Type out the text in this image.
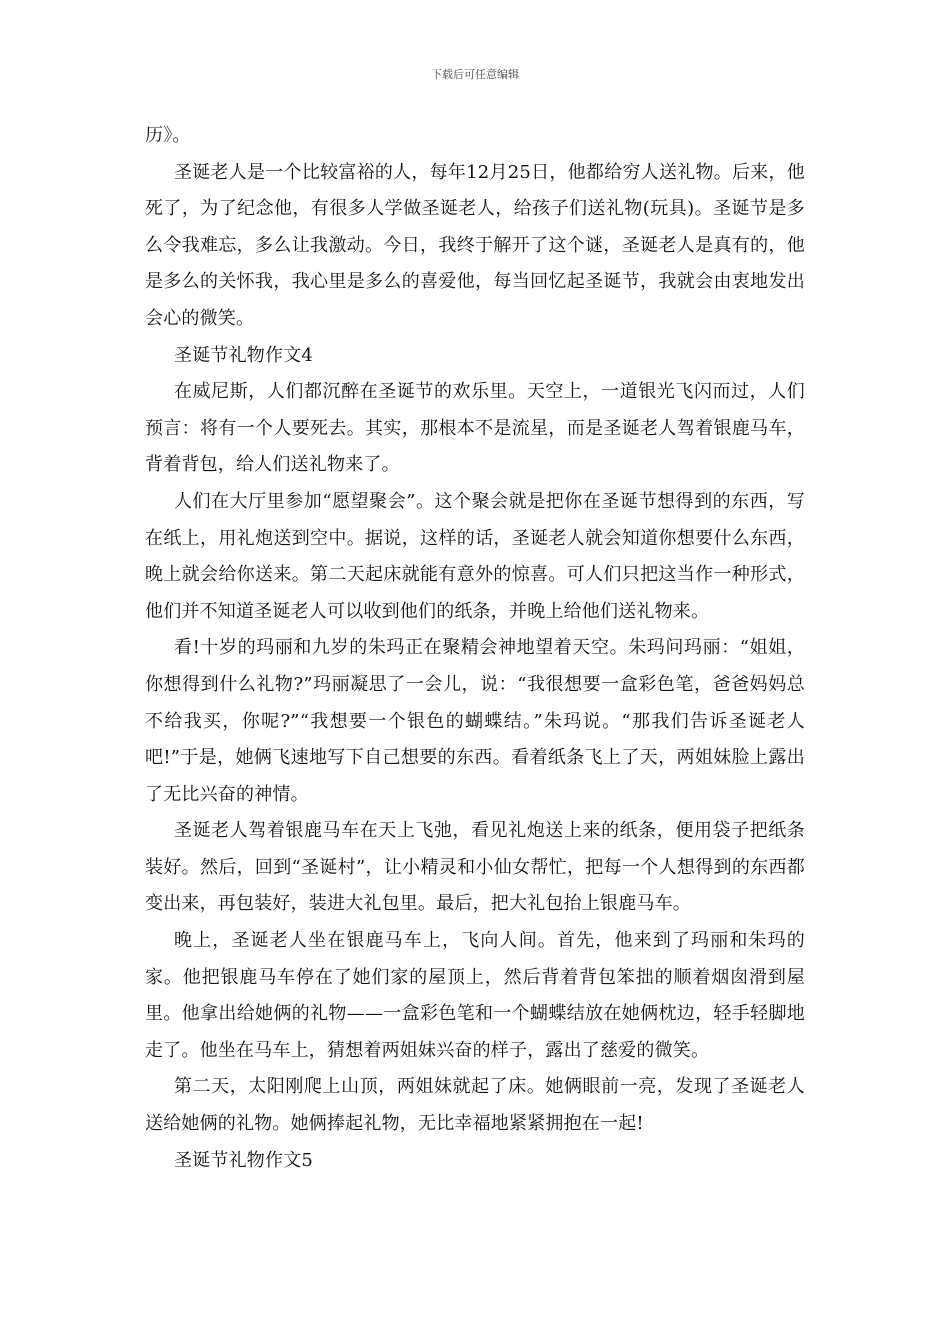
下载后可任意编辑

历》。

圣诞老人是一个比较富裕的人，每年12月25日，他都给穷人送礼物。后来，他死了，为了纪念他，有很多人学做圣诞老人，给孩子们送礼物(玩具)。圣诞节是多么令我难忘，多么让我激动。今日，我终于解开了这个谜，圣诞老人是真有的，他是多么的关怀我，我心里是多么的喜爱他，每当回忆起圣诞节，我就会由衷地发出会心的微笑。

圣诞节礼物作文4

在威尼斯，人们都沉醉在圣诞节的欢乐里。天空上，一道银光飞闪而过，人们预言：将有一个人要死去。其实，那根本不是流星，而是圣诞老人驾着银鹿马车，背着背包，给人们送礼物来了。

人们在大厅里参加“愿望聚会”。这个聚会就是把你在圣诞节想得到的东西，写在纸上，用礼炮送到空中。据说，这样的话，圣诞老人就会知道你想要什么东西，晚上就会给你送来。第二天起床就能有意外的惊喜。可人们只把这当作一种形式，他们并不知道圣诞老人可以收到他们的纸条，并晚上给他们送礼物来。

看!十岁的玛丽和九岁的朱玛正在聚精会神地望着天空。朱玛问玛丽：“姐姐，你想得到什么礼物?”玛丽凝思了一会儿，说：“我很想要一盒彩色笔，爸爸妈妈总不给我买，你呢?”“我想要一个银色的蝴蝶结。”朱玛说。“那我们告诉圣诞老人吧!”于是，她俩飞速地写下自己想要的东西。看着纸条飞上了天，两姐妹脸上露出了无比兴奋的神情。

圣诞老人驾着银鹿马车在天上飞弛，看见礼炮送上来的纸条，便用袋子把纸条装好。然后，回到“圣诞村”，让小精灵和小仙女帮忙，把每一个人想得到的东西都变出来，再包装好，装进大礼包里。最后，把大礼包抬上银鹿马车。

晚上，圣诞老人坐在银鹿马车上，飞向人间。首先，他来到了玛丽和朱玛的家。他把银鹿马车停在了她们家的屋顶上，然后背着背包笨拙的顺着烟囱滑到屋里。他拿出给她俩的礼物——一盒彩色笔和一个蝴蝶结放在她俩枕边，轻手轻脚地走了。他坐在马车上，猜想着两姐妹兴奋的样子，露出了慈爱的微笑。

第二天，太阳刚爬上山顶，两姐妹就起了床。她俩眼前一亮，发现了圣诞老人送给她俩的礼物。她俩捧起礼物，无比幸福地紧紧拥抱在一起!

圣诞节礼物作文5
